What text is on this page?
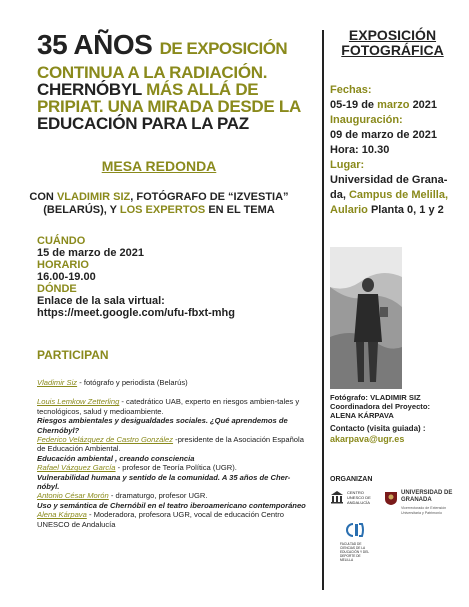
35 AÑOS DE EXPOSICIÓN
CONTINUA A LA RADIACIÓN.
CHERNÓBYL MÁS ALLÁ DE
PRIPIAT. UNA MIRADA DESDE LA
EDUCACIÓN PARA LA PAZ
MESA REDONDA
CON VLADIMIR SIZ, FOTÓGRAFO DE “IZVESTIA”
(BELARÚS), Y LOS EXPERTOS EN EL TEMA
CUÁNDO
15 de marzo de 2021
HORARIO
16.00-19.00
DÓNDE
Enlace de la sala virtual:
https://meet.google.com/ufu-fbxt-mhg
PARTICIPAN

Vladimir Siz - fotógrafo y periodista (Belarús)

Louis Lemkow Zetterling - catedrático UAB, experto en riesgos ambien-tales y tecnológicos, salud y medioambiente.

Riesgos ambientales y desigualdades sociales. ¿Qué aprendemos de Chernóbyl?

Federico Velázquez de Castro González -presidente de la Asociación Española de Educación Ambiental.

Educación ambiental , creando consciencia

Rafael Vázquez García - profesor de Teoría Política (UGR).

Vulnerabilidad humana y sentido de la comunidad. A 35 años de Cher-nóbyl.

Antonio César Morón - dramaturgo, profesor UGR.

Uso y semántica de Chernóbil en el teatro iberoamericano contemporáneo

Alena Kárpava - Moderadora, profesora UGR, vocal de educación Centro UNESCO de Andalucía

EXPOSICIÓN
FOTOGRÁFICA
Fechas:
05-19 de marzo 2021
Inauguración:
09 de marzo de 2021
Hora: 10.30
Lugar:
Universidad de Grana-
da, Campus de Melilla,
Aulario Planta 0, 1 y 2
Fotógrafo: VLADIMIR SIZ
Coordinadora del Proyecto:
ALENA KÁRPAVA
Contacto (visita guiada) :
akarpava@ugr.es
ORGANIZAN
CENTRO UNESCO DE ANDALUCÍA
UNIVERSIDAD DE GRANADA
Vicerrectorado de Extensión Universitaria y Patrimonio
FACULTAD DE CIENCIAS DE LA EDUCACIÓN Y DEL DEPORTE DE MELILLA
